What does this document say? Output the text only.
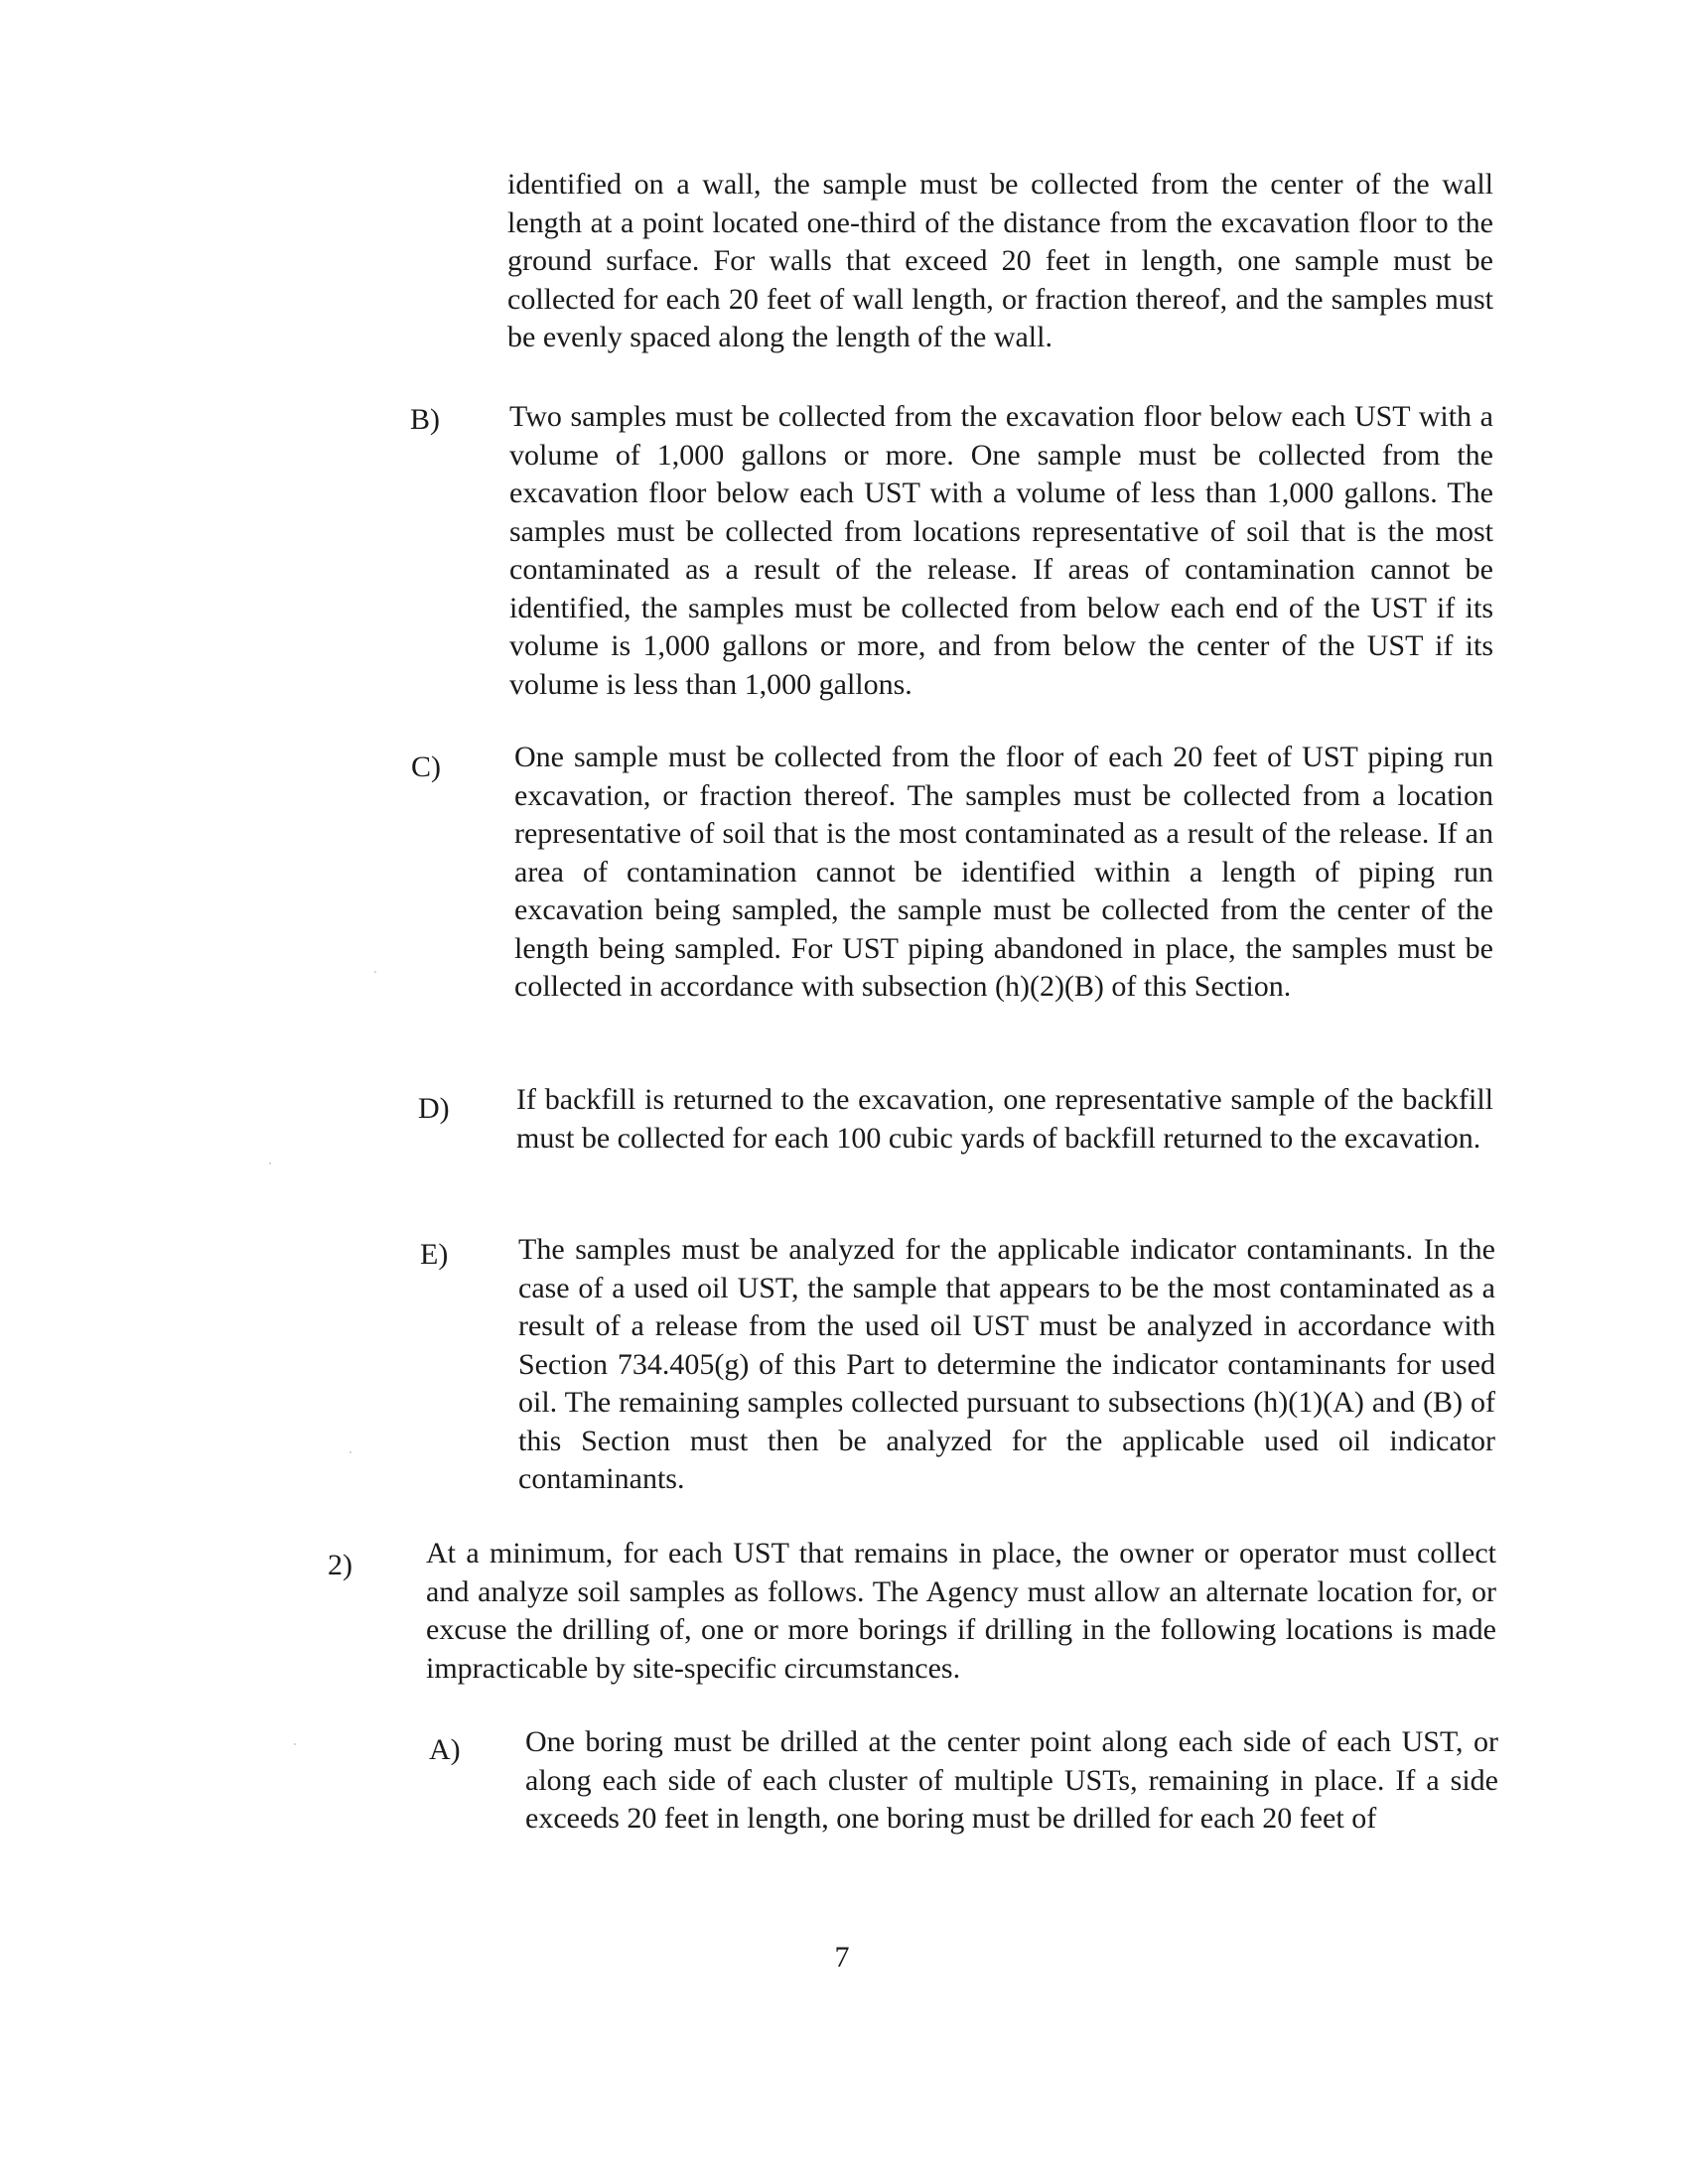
identified on a wall, the sample must be collected from the center of the wall length at a point located one-third of the distance from the excavation floor to the ground surface. For walls that exceed 20 feet in length, one sample must be collected for each 20 feet of wall length, or fraction thereof, and the samples must be evenly spaced along the length of the wall.

B) Two samples must be collected from the excavation floor below each UST with a volume of 1,000 gallons or more. One sample must be collected from the excavation floor below each UST with a volume of less than 1,000 gallons. The samples must be collected from locations representative of soil that is the most contaminated as a result of the release. If areas of contamination cannot be identified, the samples must be collected from below each end of the UST if its volume is 1,000 gallons or more, and from below the center of the UST if its volume is less than 1,000 gallons.

C) One sample must be collected from the floor of each 20 feet of UST piping run excavation, or fraction thereof. The samples must be collected from a location representative of soil that is the most contaminated as a result of the release. If an area of contamination cannot be identified within a length of piping run excavation being sampled, the sample must be collected from the center of the length being sampled. For UST piping abandoned in place, the samples must be collected in accordance with subsection (h)(2)(B) of this Section.

D) If backfill is returned to the excavation, one representative sample of the backfill must be collected for each 100 cubic yards of backfill returned to the excavation.

E) The samples must be analyzed for the applicable indicator contaminants. In the case of a used oil UST, the sample that appears to be the most contaminated as a result of a release from the used oil UST must be analyzed in accordance with Section 734.405(g) of this Part to determine the indicator contaminants for used oil. The remaining samples collected pursuant to subsections (h)(1)(A) and (B) of this Section must then be analyzed for the applicable used oil indicator contaminants.

2) At a minimum, for each UST that remains in place, the owner or operator must collect and analyze soil samples as follows. The Agency must allow an alternate location for, or excuse the drilling of, one or more borings if drilling in the following locations is made impracticable by site-specific circumstances.

A) One boring must be drilled at the center point along each side of each UST, or along each side of each cluster of multiple USTs, remaining in place. If a side exceeds 20 feet in length, one boring must be drilled for each 20 feet of

7
